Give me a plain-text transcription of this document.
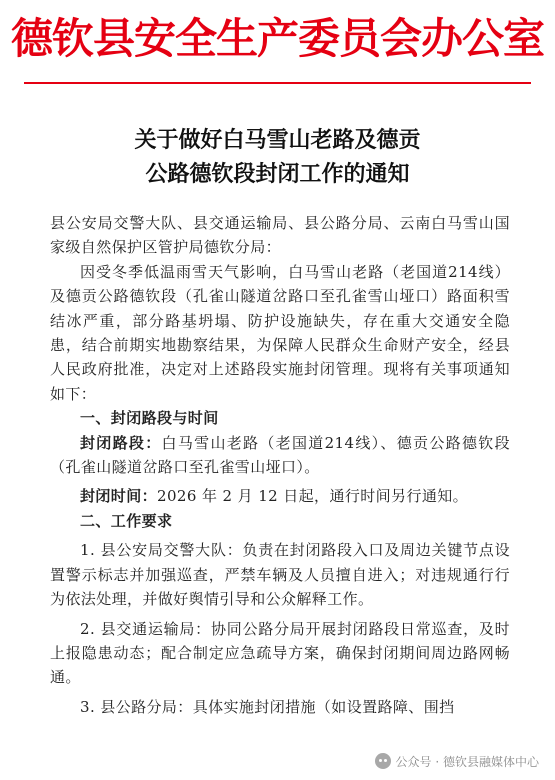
德钦县安全生产委员会办公室
关于做好白马雪山老路及德贡
公路德钦段封闭工作的通知

县公安局交警大队、县交通运输局、县公路分局、云南白马雪山国家级自然保护区管护局德钦分局：

因受冬季低温雨雪天气影响，白马雪山老路（老国道214线）及德贡公路德钦段（孔雀山隧道岔路口至孔雀雪山垭口）路面积雪结冰严重，部分路基坍塌、防护设施缺失，存在重大交通安全隐患，结合前期实地勘察结果，为保障人民群众生命财产安全，经县人民政府批准，决定对上述路段实施封闭管理。现将有关事项通知如下：

一、封闭路段与时间

封闭路段：白马雪山老路（老国道214线）、德贡公路德钦段（孔雀山隧道岔路口至孔雀雪山垭口）。

封闭时间：2026 年 2 月 12 日起，通行时间另行通知。

二、工作要求

1. 县公安局交警大队：负责在封闭路段入口及周边关键节点设置警示标志并加强巡查，严禁车辆及人员擅自进入；对违规通行行为依法处理，并做好舆情引导和公众解释工作。

2. 县交通运输局：协同公路分局开展封闭路段日常巡查，及时上报隐患动态；配合制定应急疏导方案，确保封闭期间周边路网畅通。

3. 县公路分局：具体实施封闭措施（如设置路障、围挡

公众号 · 德钦县融媒体中心
